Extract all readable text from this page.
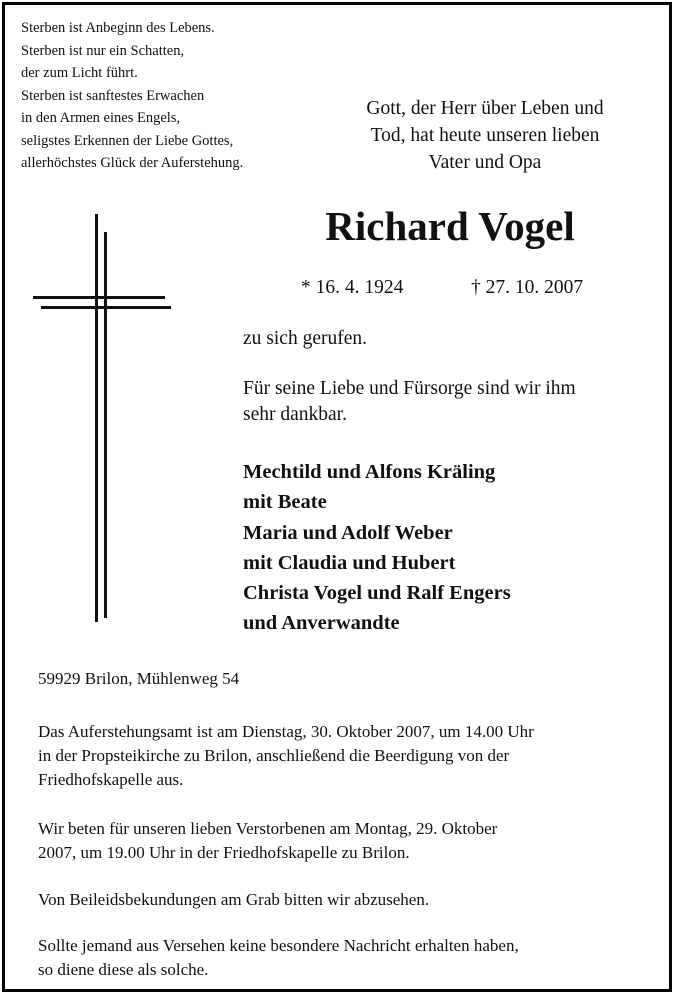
Sterben ist Anbeginn des Lebens.
Sterben ist nur ein Schatten,
der zum Licht führt.
Sterben ist sanftestes Erwachen
in den Armen eines Engels,
seligstes Erkennen der Liebe Gottes,
allerhöchstes Glück der Auferstehung.
Gott, der Herr über Leben und
Tod, hat heute unseren lieben
Vater und Opa
Richard Vogel
* 16. 4. 1924	† 27. 10. 2007
zu sich gerufen.
Für seine Liebe und Fürsorge sind wir ihm
sehr dankbar.
Mechtild und Alfons Kräling
mit Beate
Maria und Adolf Weber
mit Claudia und Hubert
Christa Vogel und Ralf Engers
und Anverwandte
59929 Brilon, Mühlenweg 54
Das Auferstehungsamt ist am Dienstag, 30. Oktober 2007, um 14.00 Uhr
in der Propsteikirche zu Brilon, anschließend die Beerdigung von der
Friedhofskapelle aus.
Wir beten für unseren lieben Verstorbenen am Montag, 29. Oktober
2007, um 19.00 Uhr in der Friedhofskapelle zu Brilon.
Von Beileidsbekundungen am Grab bitten wir abzusehen.
Sollte jemand aus Versehen keine besondere Nachricht erhalten haben,
so diene diese als solche.
